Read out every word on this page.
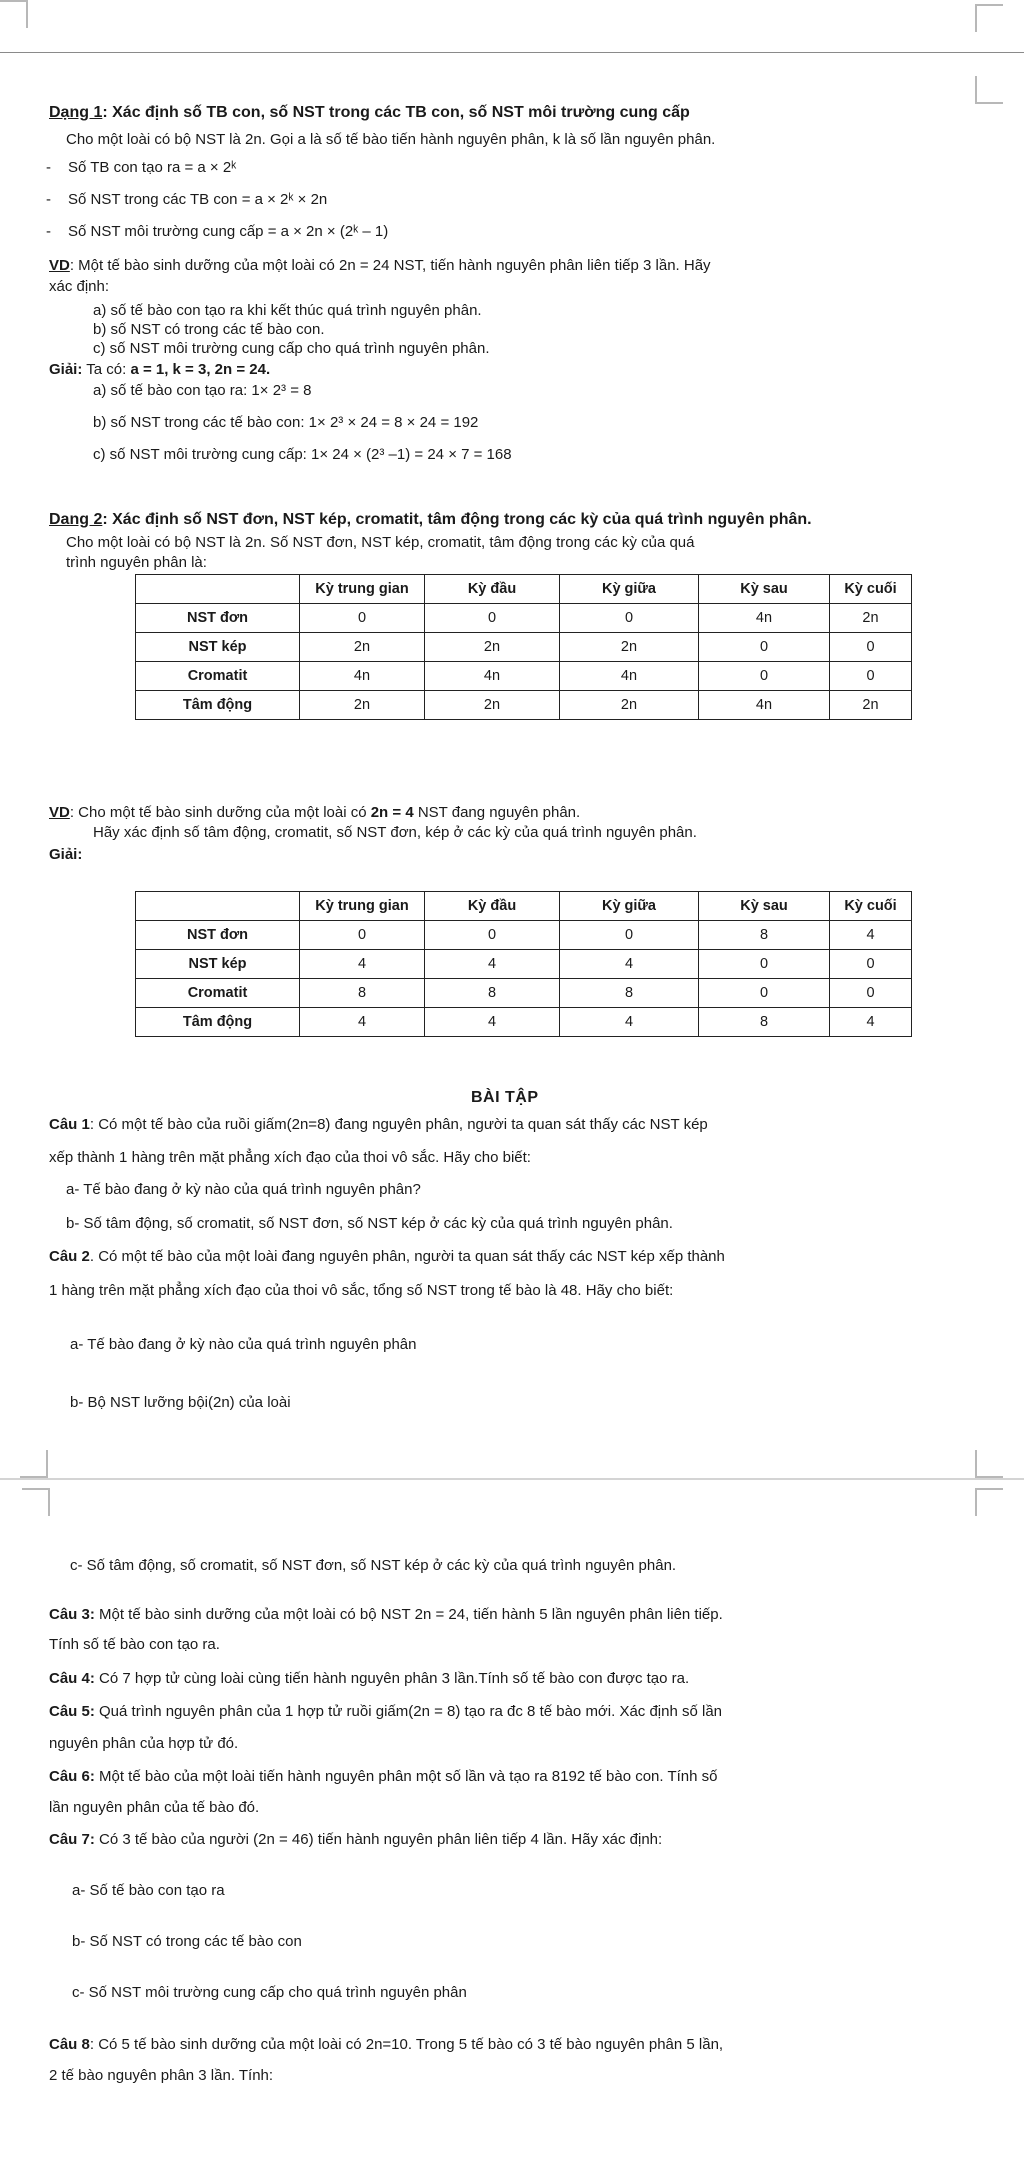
Dạng 1: Xác định số TB con, số NST trong các TB con, số NST môi trường cung cấp
Cho một loài có bộ NST là 2n. Gọi a là số tế bào tiến hành nguyên phân, k là số lần nguyên phân.
- Số TB con tạo ra = a × 2ᵏ
- Số NST trong các TB con = a × 2ᵏ × 2n
- Số NST môi trường cung cấp = a × 2n × (2ᵏ – 1)
VD: Một tế bào sinh dưỡng của một loài có 2n = 24 NST, tiến hành nguyên phân liên tiếp 3 lần. Hãy
xác định:
a) số tế bào con tạo ra khi kết thúc quá trình nguyên phân.
b) số NST có trong các tế bào con.
c) số NST môi trường cung cấp cho quá trình nguyên phân.
Giải: Ta có: a = 1, k = 3, 2n = 24.
a) số tế bào con tạo ra: 1× 2³ = 8
b) số NST trong các tế bào con: 1× 2³ × 24 = 8 × 24 = 192
c) số NST môi trường cung cấp: 1× 24 × (2³ –1) = 24 × 7 = 168
Dang 2: Xác định số NST đơn, NST kép, cromatit, tâm động trong các kỳ của quá trình nguyên phân.
Cho một loài có bộ NST là 2n. Số NST đơn, NST kép, cromatit, tâm động trong các kỳ của quá
trình nguyên phân là:
	Kỳ trung gian	Kỳ đầu	Kỳ giữa	Kỳ sau	Kỳ cuối
NST đơn	0	0	0	4n	2n
NST kép	2n	2n	2n	0	0
Cromatit	4n	4n	4n	0	0
Tâm động	2n	2n	2n	4n	2n
VD: Cho một tế bào sinh dưỡng của một loài có 2n = 4 NST đang nguyên phân.
Hãy xác định số tâm động, cromatit, số NST đơn, kép ở các kỳ của quá trình nguyên phân.
Giải:
	Kỳ trung gian	Kỳ đầu	Kỳ giữa	Kỳ sau	Kỳ cuối
NST đơn	0	0	0	8	4
NST kép	4	4	4	0	0
Cromatit	8	8	8	0	0
Tâm động	4	4	4	8	4
BÀI TẬP
Câu 1: Có một tế bào của ruồi giấm(2n=8) đang nguyên phân, người ta quan sát thấy các NST kép
xếp thành 1 hàng trên mặt phẳng xích đạo của thoi vô sắc. Hãy cho biết:
a- Tế bào đang ở kỳ nào của quá trình nguyên phân?
b- Số tâm động, số cromatit, số NST đơn, số NST kép ở các kỳ của quá trình nguyên phân.
Câu 2. Có một tế bào của một loài đang nguyên phân, người ta quan sát thấy các NST kép xếp thành
1 hàng trên mặt phẳng xích đạo của thoi vô sắc, tổng số NST trong tế bào là 48. Hãy cho biết:
a- Tế bào đang ở kỳ nào của quá trình nguyên phân
b- Bộ NST lưỡng bội(2n) của loài
c- Số tâm động, số cromatit, số NST đơn, số NST kép ở các kỳ của quá trình nguyên phân.
Câu 3: Một tế bào sinh dưỡng của một loài có bộ NST 2n = 24, tiến hành 5 lần nguyên phân liên tiếp.
Tính số tế bào con tạo ra.
Câu 4: Có 7 hợp tử cùng loài cùng tiến hành nguyên phân 3 lần.Tính số tế bào con được tạo ra.
Câu 5: Quá trình nguyên phân của 1 hợp tử ruồi giấm(2n = 8) tạo ra đc 8 tế bào mới. Xác định số lần
nguyên phân của hợp tử đó.
Câu 6: Một tế bào của một loài tiến hành nguyên phân một số lần và tạo ra 8192 tế bào con. Tính số
lần nguyên phân của tế bào đó.
Câu 7: Có 3 tế bào của người (2n = 46) tiến hành nguyên phân liên tiếp 4 lần. Hãy xác định:
a- Số tế bào con tạo ra
b- Số NST có trong các tế bào con
c- Số NST môi trường cung cấp cho quá trình nguyên phân
Câu 8: Có 5 tế bào sinh dưỡng của một loài có 2n=10. Trong 5 tế bào có 3 tế bào nguyên phân 5 lần,
2 tế bào nguyên phân 3 lần. Tính:
